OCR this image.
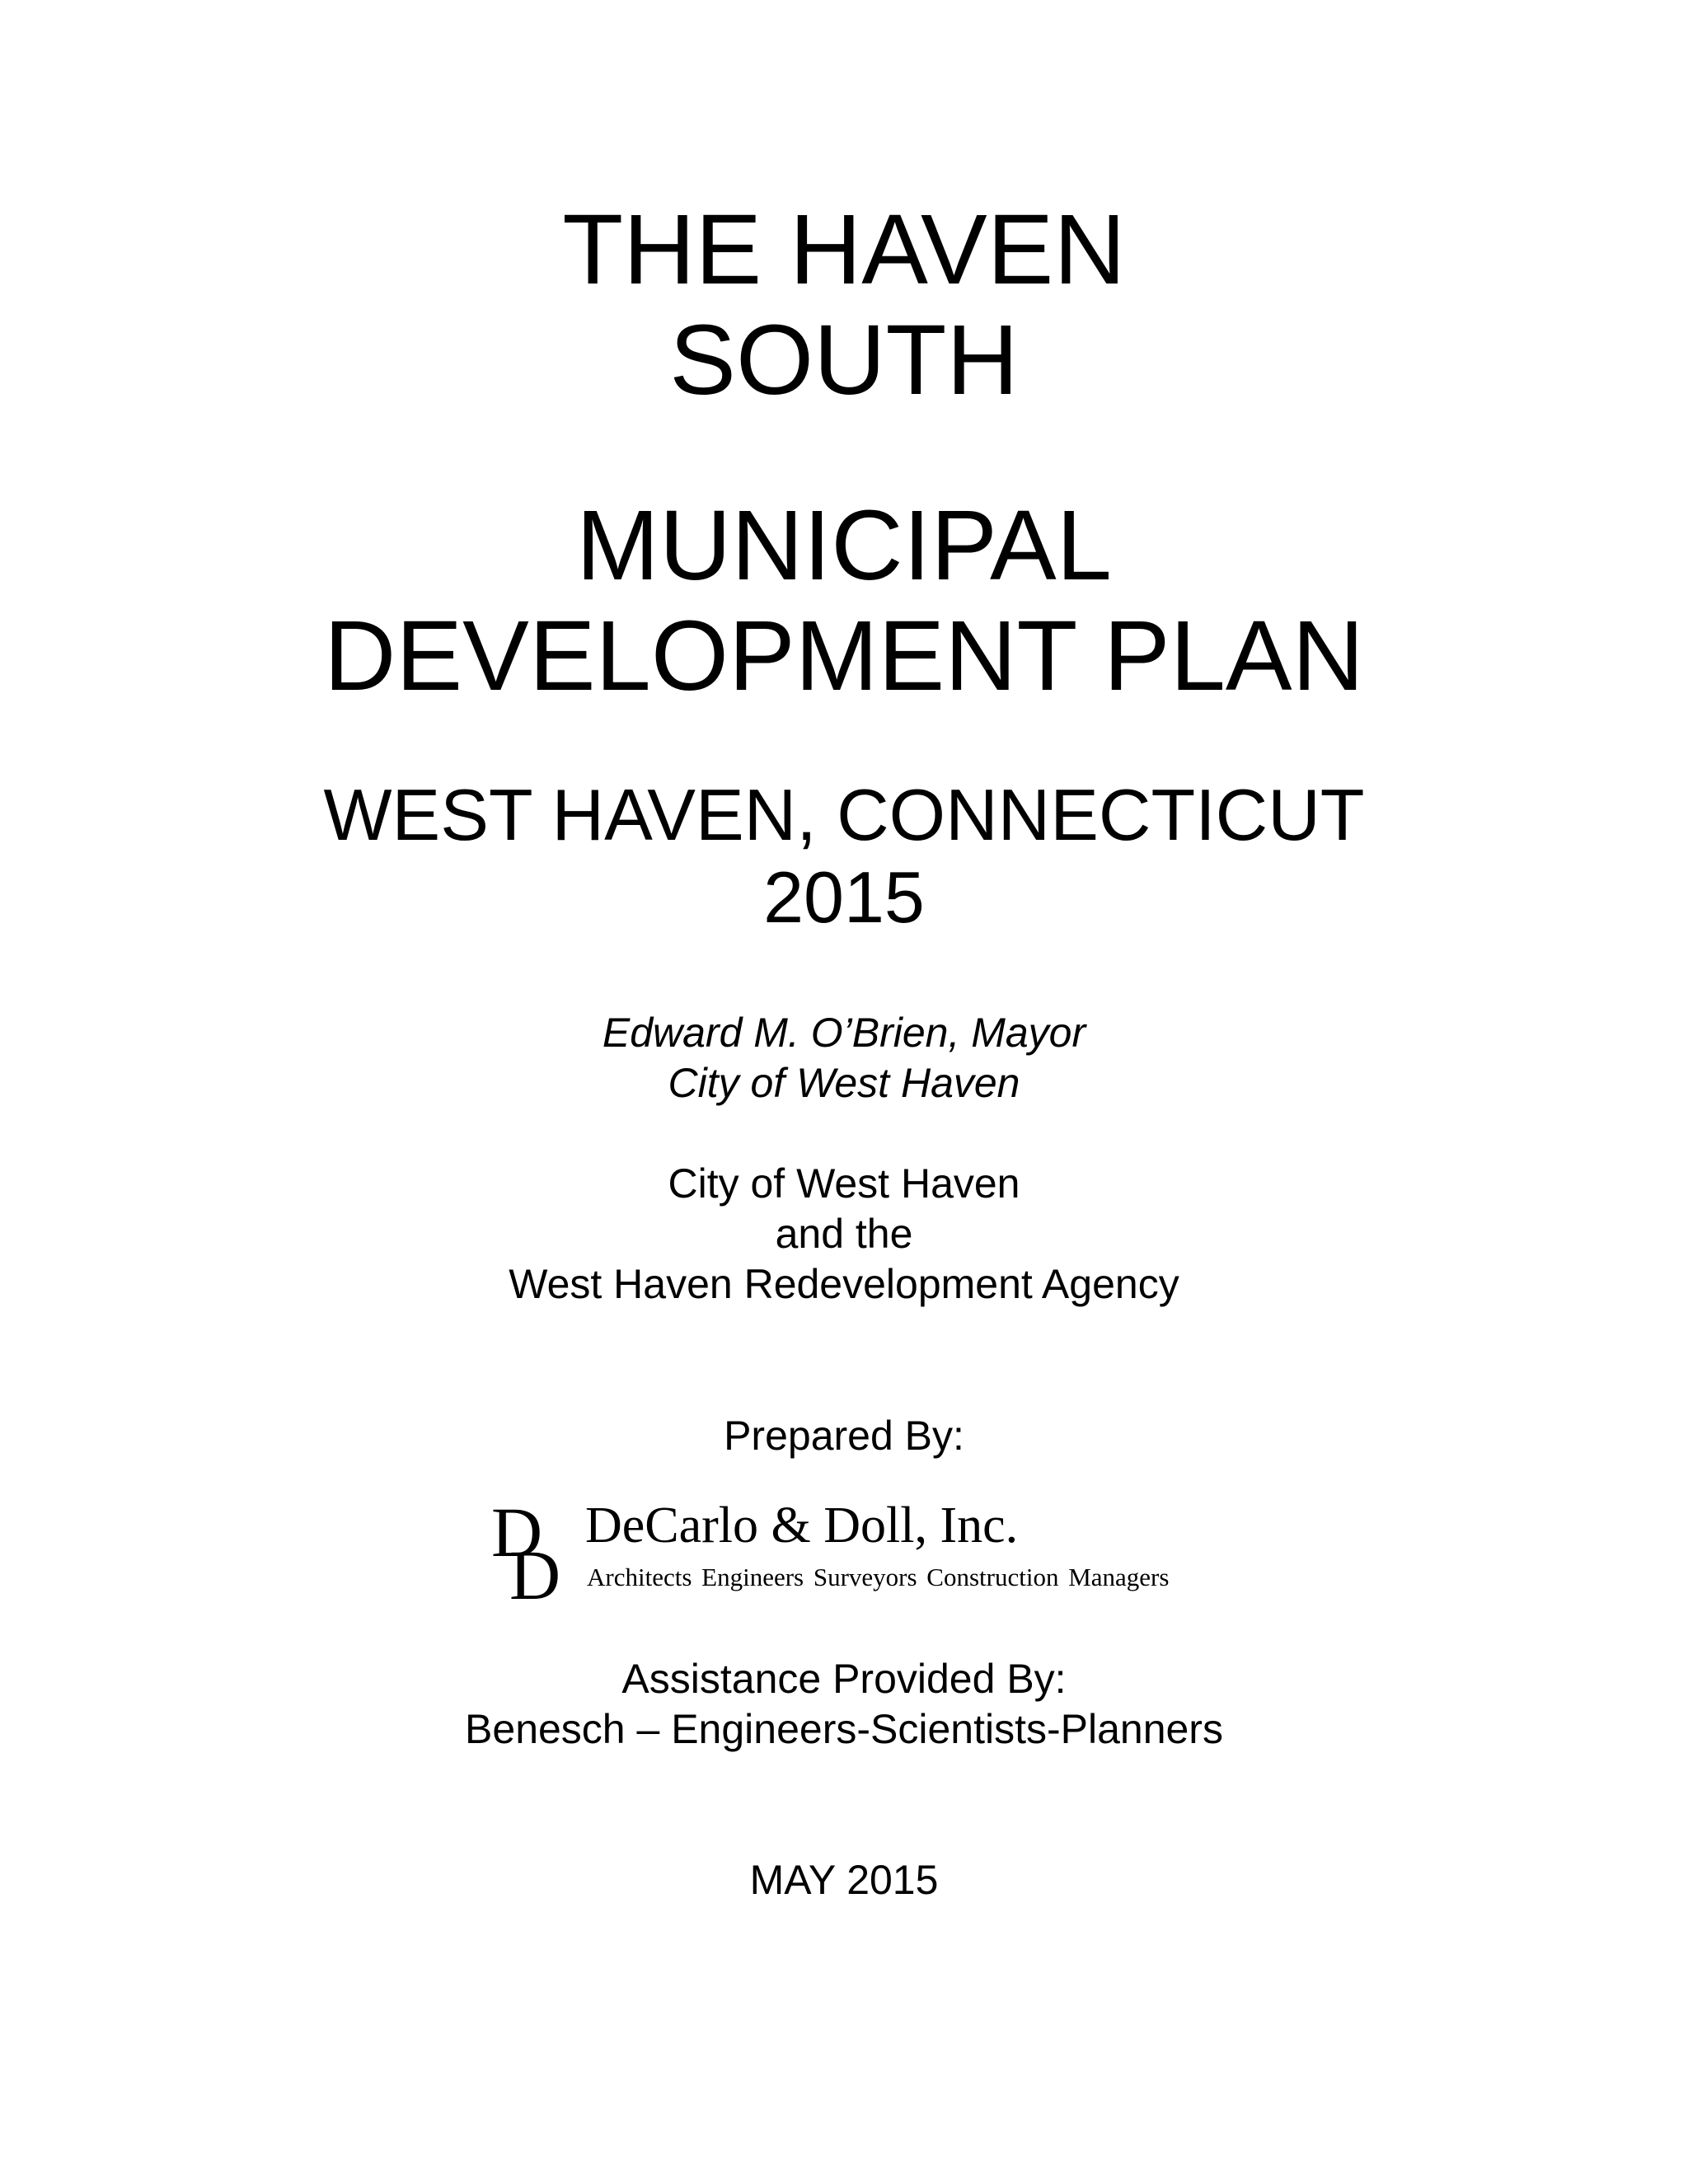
THE HAVEN
SOUTH
MUNICIPAL
DEVELOPMENT PLAN
WEST HAVEN, CONNECTICUT
2015
Edward M. O’Brien, Mayor
City of West Haven
City of West Haven
and the
West Haven Redevelopment Agency
Prepared By:
D
D
DeCarlo & Doll, Inc.
Architects Engineers Surveyors Construction Managers
Assistance Provided By:
Benesch – Engineers-Scientists-Planners
MAY 2015
